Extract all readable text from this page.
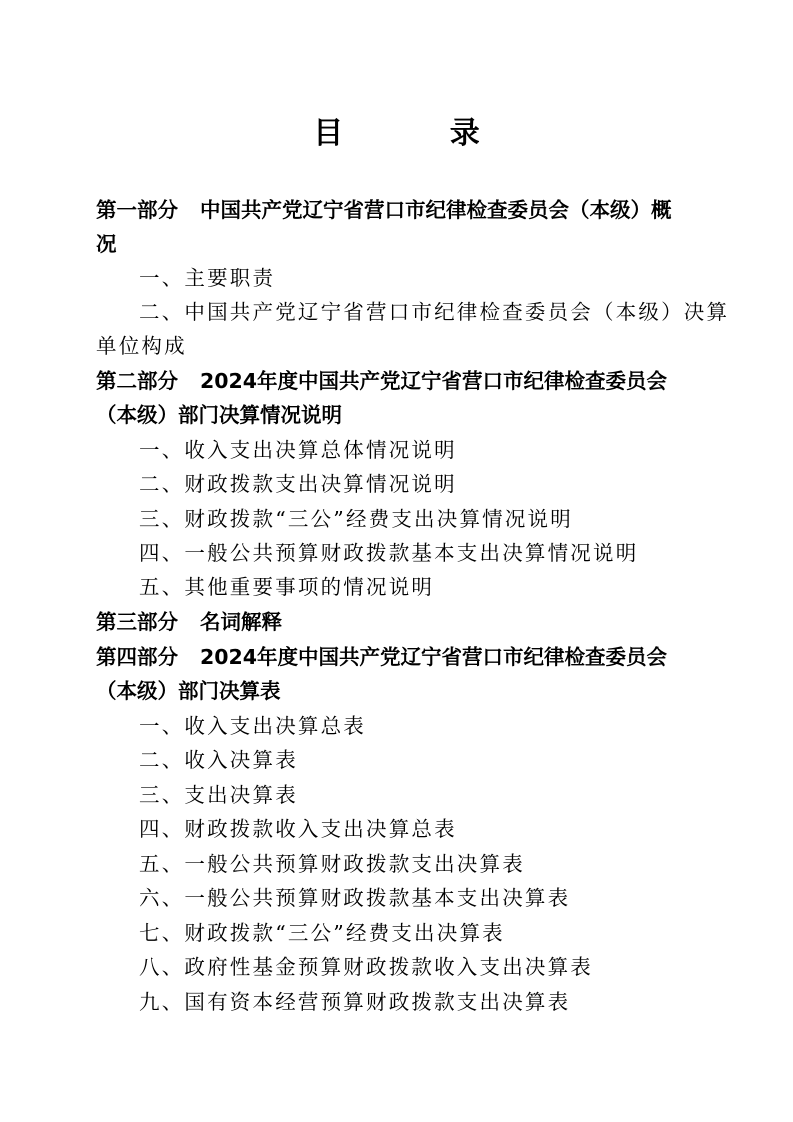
目 录
第一部分 中国共产党辽宁省营口市纪律检查委员会（本级）概
况
一、主要职责
二、中国共产党辽宁省营口市纪律检查委员会（本级）决算
单位构成
第二部分 2024年度中国共产党辽宁省营口市纪律检查委员会
（本级）部门决算情况说明
一、收入支出决算总体情况说明
二、财政拨款支出决算情况说明
三、财政拨款“三公”经费支出决算情况说明
四、一般公共预算财政拨款基本支出决算情况说明
五、其他重要事项的情况说明
第三部分 名词解释
第四部分 2024年度中国共产党辽宁省营口市纪律检查委员会
（本级）部门决算表
一、收入支出决算总表
二、收入决算表
三、支出决算表
四、财政拨款收入支出决算总表
五、一般公共预算财政拨款支出决算表
六、一般公共预算财政拨款基本支出决算表
七、财政拨款“三公”经费支出决算表
八、政府性基金预算财政拨款收入支出决算表
九、国有资本经营预算财政拨款支出决算表
